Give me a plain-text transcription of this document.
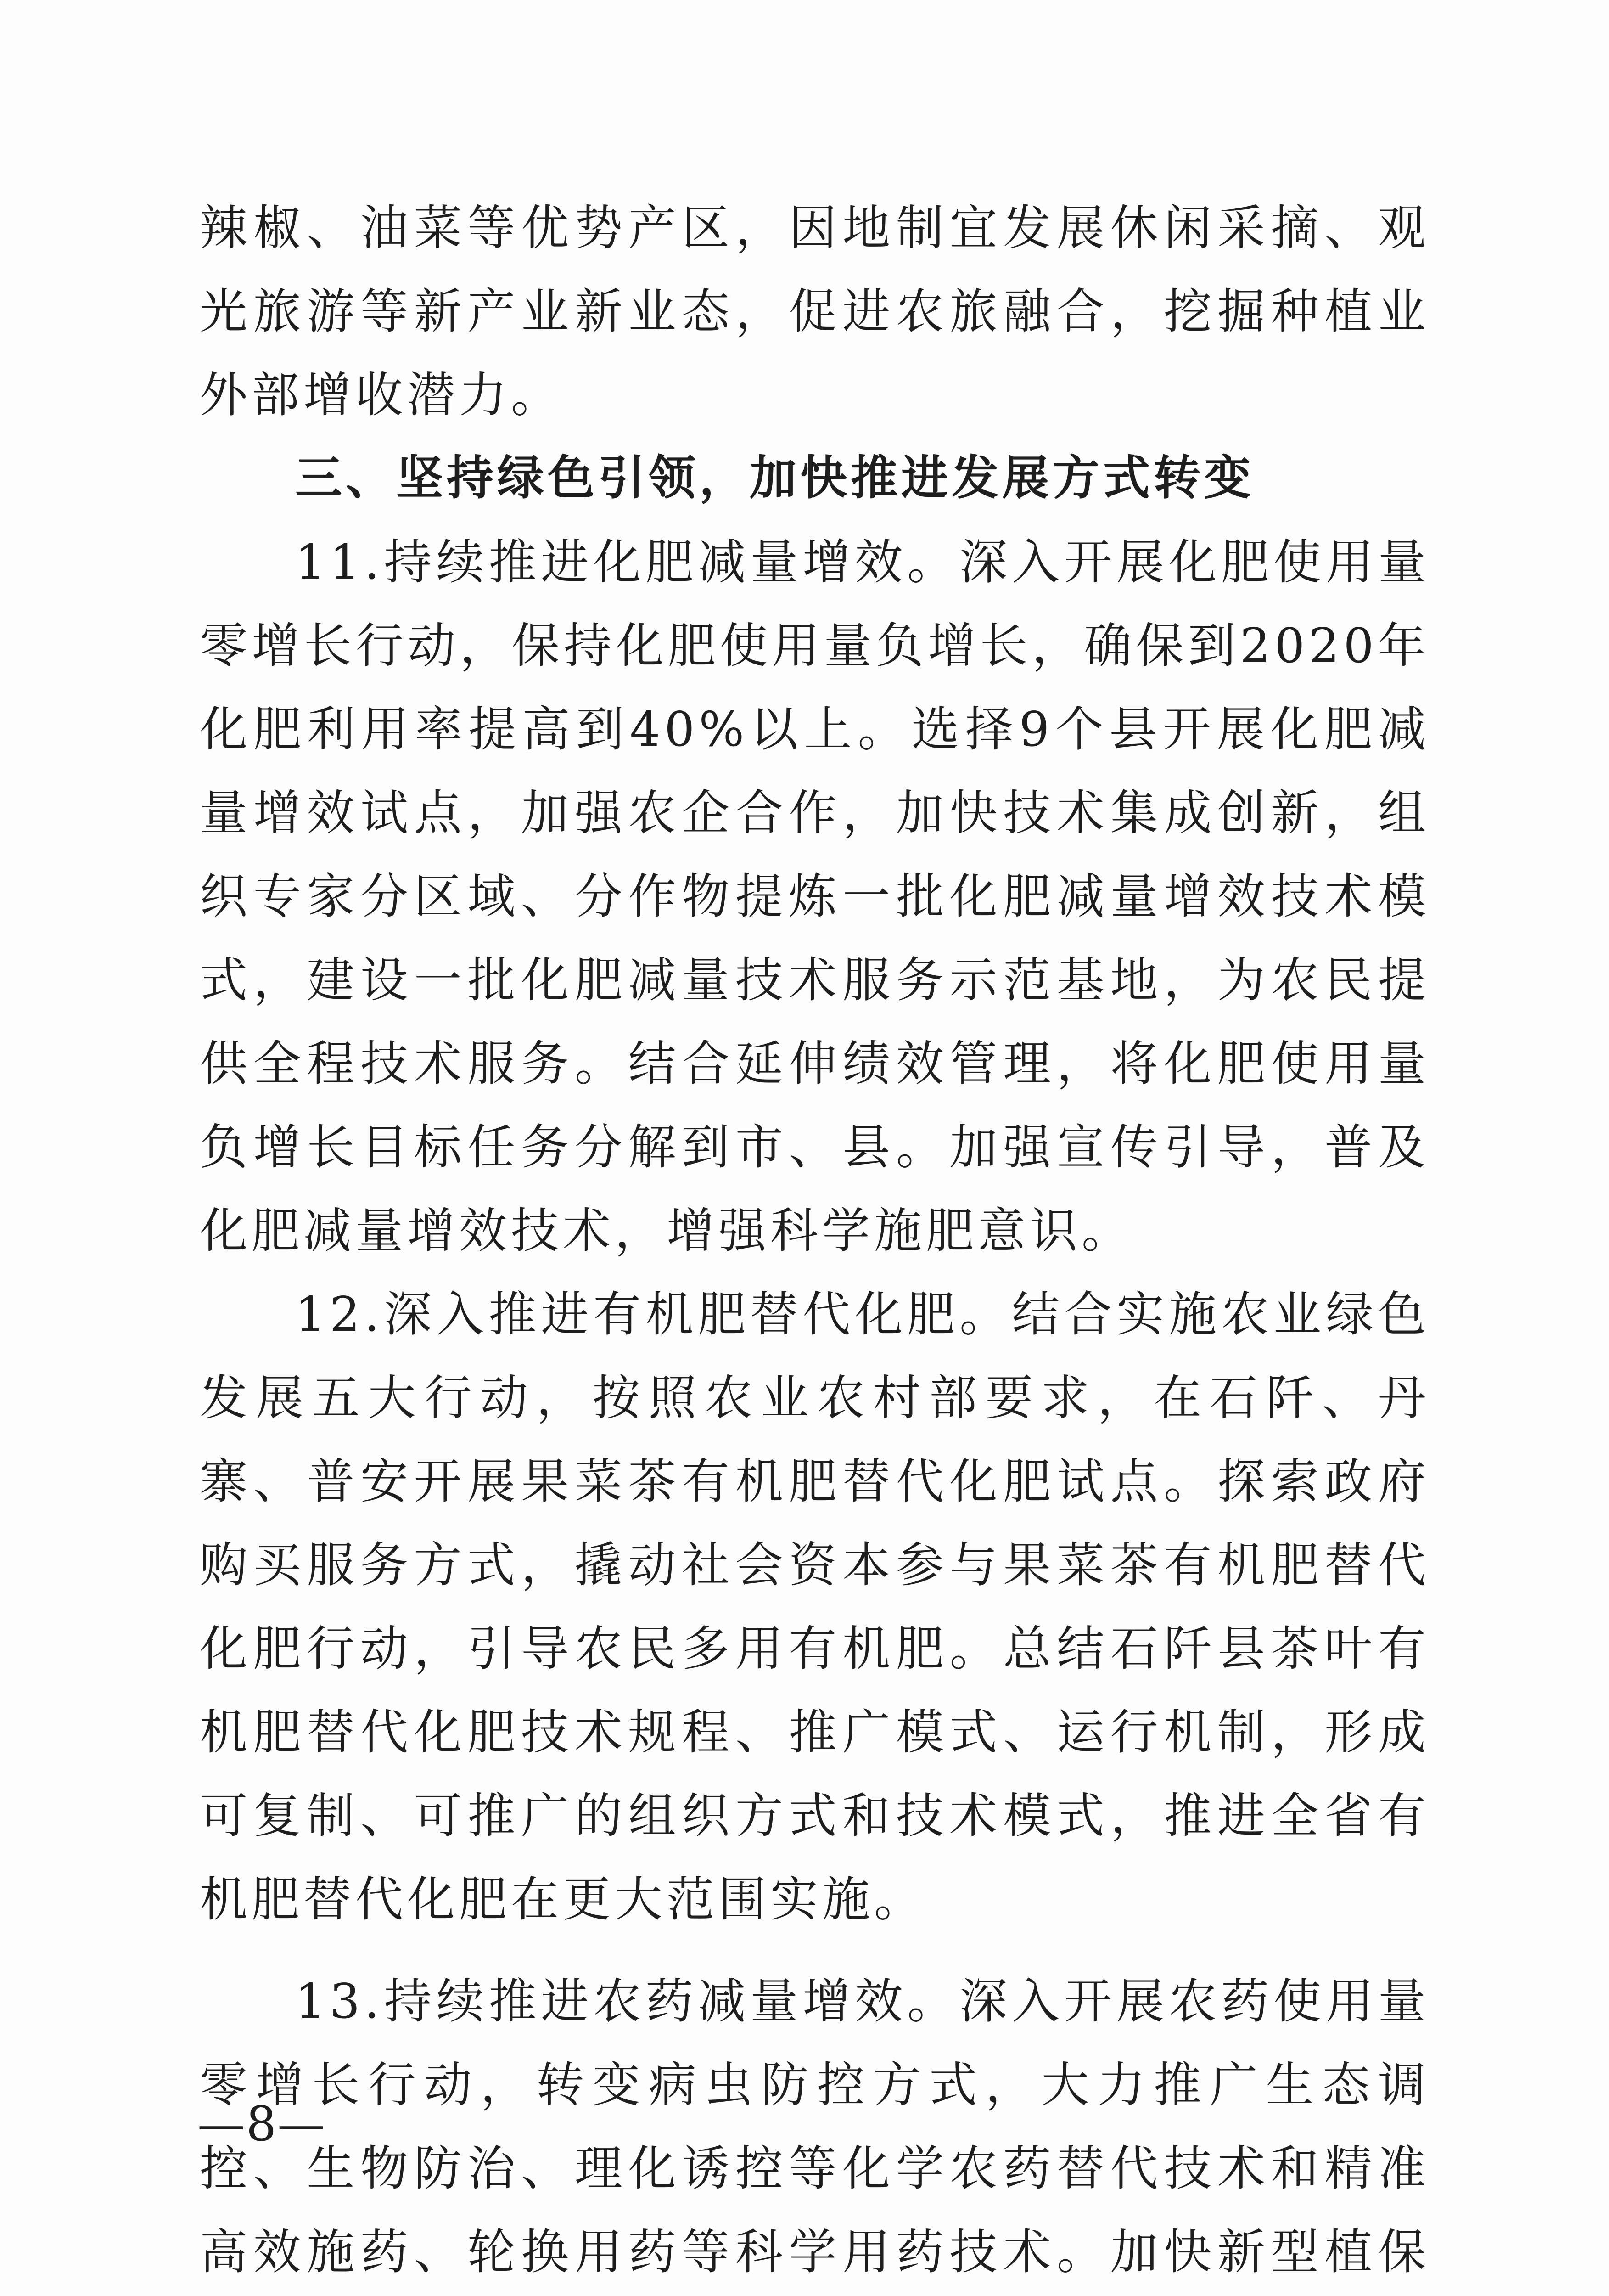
辣椒、油菜等优势产区，因地制宜发展休闲采摘、观光旅游等新产业新业态，促进农旅融合，挖掘种植业外部增收潜力。

三、坚持绿色引领，加快推进发展方式转变

11.持续推进化肥减量增效。深入开展化肥使用量零增长行动，保持化肥使用量负增长，确保到2020年化肥利用率提高到40%以上。选择9个县开展化肥减量增效试点，加强农企合作，加快技术集成创新，组织专家分区域、分作物提炼一批化肥减量增效技术模式，建设一批化肥减量技术服务示范基地，为农民提供全程技术服务。结合延伸绩效管理，将化肥使用量负增长目标任务分解到市、县。加强宣传引导，普及化肥减量增效技术，增强科学施肥意识。

12.深入推进有机肥替代化肥。结合实施农业绿色发展五大行动，按照农业农村部要求，在石阡、丹寨、普安开展果菜茶有机肥替代化肥试点。探索政府购买服务方式，撬动社会资本参与果菜茶有机肥替代化肥行动，引导农民多用有机肥。总结石阡县茶叶有机肥替代化肥技术规程、推广模式、运行机制，形成可复制、可推广的组织方式和技术模式，推进全省有机肥替代化肥在更大范围实施。

13.持续推进农药减量增效。深入开展农药使用量零增长行动，转变病虫防控方式，大力推广生态调控、生物防治、理化诱控等化学农药替代技术和精准高效施药、轮换用药等科学用药技术。加快新型植保

—8—
